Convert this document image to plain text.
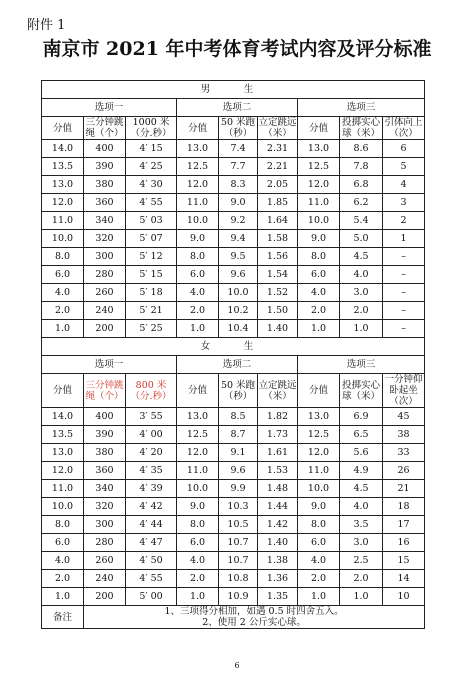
附件 1
南京市 2021 年中考体育考试内容及评分标准
男　生								
选项一			选项二			选项三		
分值	三分钟跳绳（个）	1000 米（分.秒）	分值	50 米跑（秒）	立定跳远（米）	分值	投掷实心球（米）	引体向上（次）
14.0	400	4′ 15	13.0	7.4	2.31	13.0	8.6	6
13.5	390	4′ 25	12.5	7.7	2.21	12.5	7.8	5
13.0	380	4′ 30	12.0	8.3	2.05	12.0	6.8	4
12.0	360	4′ 55	11.0	9.0	1.85	11.0	6.2	3
11.0	340	5′ 03	10.0	9.2	1.64	10.0	5.4	2
10.0	320	5′ 07	9.0	9.4	1.58	9.0	5.0	1
8.0	300	5′ 12	8.0	9.5	1.56	8.0	4.5	–
6.0	280	5′ 15	6.0	9.6	1.54	6.0	4.0	–
4.0	260	5′ 18	4.0	10.0	1.52	4.0	3.0	–
2.0	240	5′ 21	2.0	10.2	1.50	2.0	2.0	–
1.0	200	5′ 25	1.0	10.4	1.40	1.0	1.0	–
女　生								
选项一			选项二			选项三		
分值	三分钟跳绳（个）	800 米（分.秒）	分值	50 米跑（秒）	立定跳远（米）	分值	投掷实心球（米）	一分钟仰卧起坐（次）
14.0	400	3′ 55	13.0	8.5	1.82	13.0	6.9	45
13.5	390	4′ 00	12.5	8.7	1.73	12.5	6.5	38
13.0	380	4′ 20	12.0	9.1	1.61	12.0	5.6	33
12.0	360	4′ 35	11.0	9.6	1.53	11.0	4.9	26
11.0	340	4′ 39	10.0	9.9	1.48	10.0	4.5	21
10.0	320	4′ 42	9.0	10.3	1.44	9.0	4.0	18
8.0	300	4′ 44	8.0	10.5	1.42	8.0	3.5	17
6.0	280	4′ 47	6.0	10.7	1.40	6.0	3.0	16
4.0	260	4′ 50	4.0	10.7	1.38	4.0	2.5	15
2.0	240	4′ 55	2.0	10.8	1.36	2.0	2.0	14
1.0	200	5′ 00	1.0	10.9	1.35	1.0	1.0	10
备注	1、三项得分相加，如遇 0.5 时四舍五入。
2、使用 2 公斤实心球。							
6
